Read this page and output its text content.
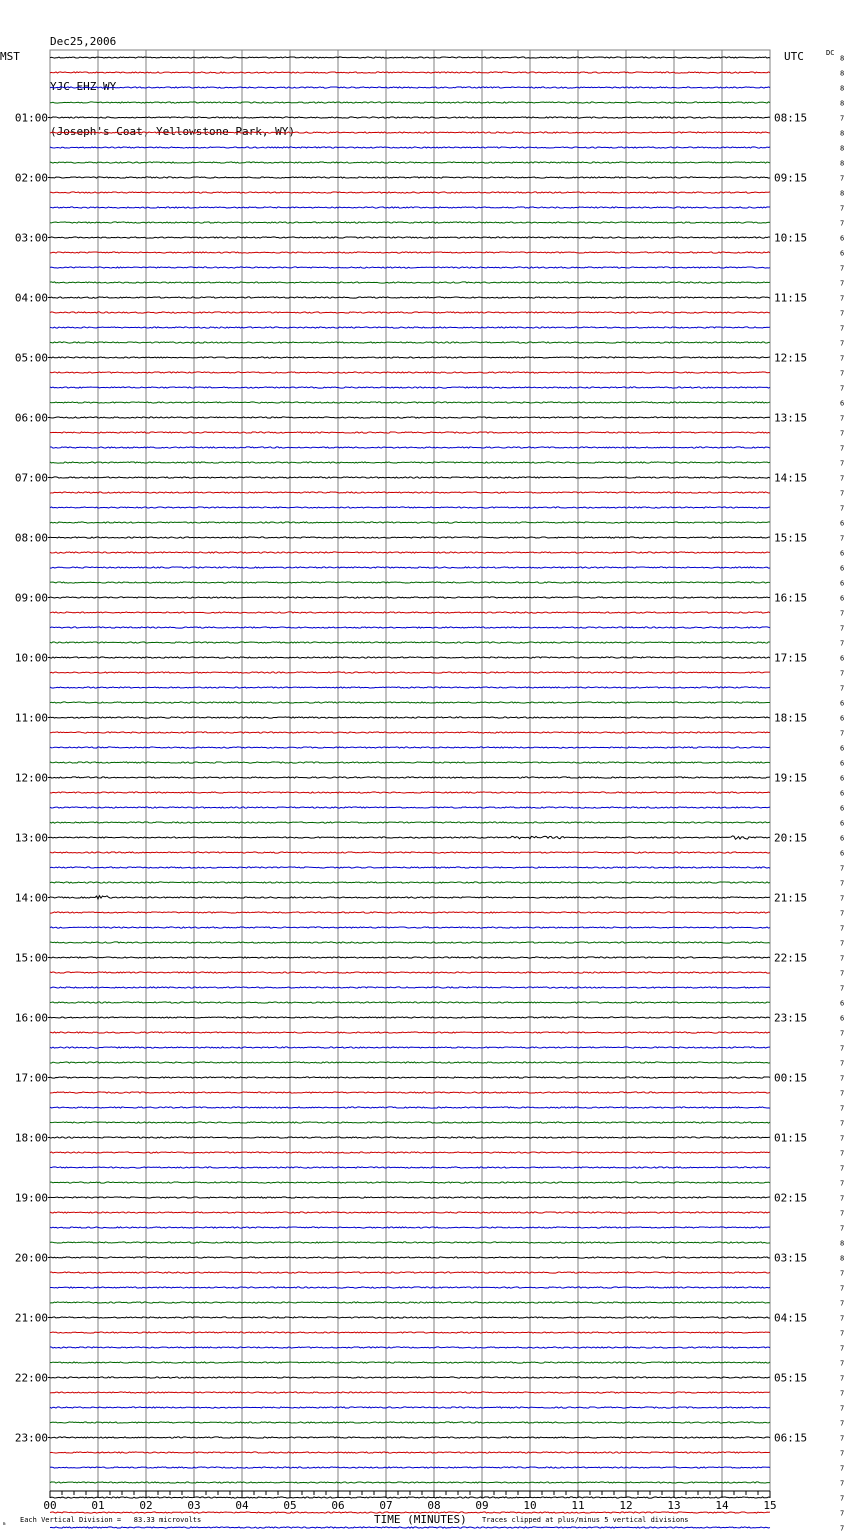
Dec25,2006

YJC EHZ WY

(Joseph's Coat, Yellowstone Park, WY)

MST	UTC	DC
8
8
8
8
7
8
8
8
7
8
7
7
6
6
7
7
7
7
7
7
7
7
7
6
7
7
7
7
7
7
7
6
7
6
6
6
6
7
7
7
6
7
7
6
6
7
6
6
6
6
6
6
6
6
7
7
7
7
7
7
7
7
7
6
6
7
7
7
7
7
7
7
7
7
7
7
7
7
7
8
8
7
7
7
7
7
7
7
7
7
7
7
7
7
7
7
7
7
7
00	01	02	03	04	05	06	07	08	09	10	11	12	13	14	15
01:00
02:00
03:00
04:00
05:00
06:00
07:00
08:00
09:00
10:00
11:00
12:00
13:00
14:00
15:00
16:00
17:00
18:00
19:00
20:00
21:00
22:00
23:00
08:15
09:15
10:15
11:15
12:15
13:15
14:15
15:15
16:15
17:15
18:15
19:15
20:15
21:15
22:15
23:15
00:15
01:15
02:15
03:15
04:15
05:15
06:15
ₘ Each Vertical Division =   83.33 microvolts	TIME (MINUTES) Traces clipped at plus/minus 5 vertical divisions
